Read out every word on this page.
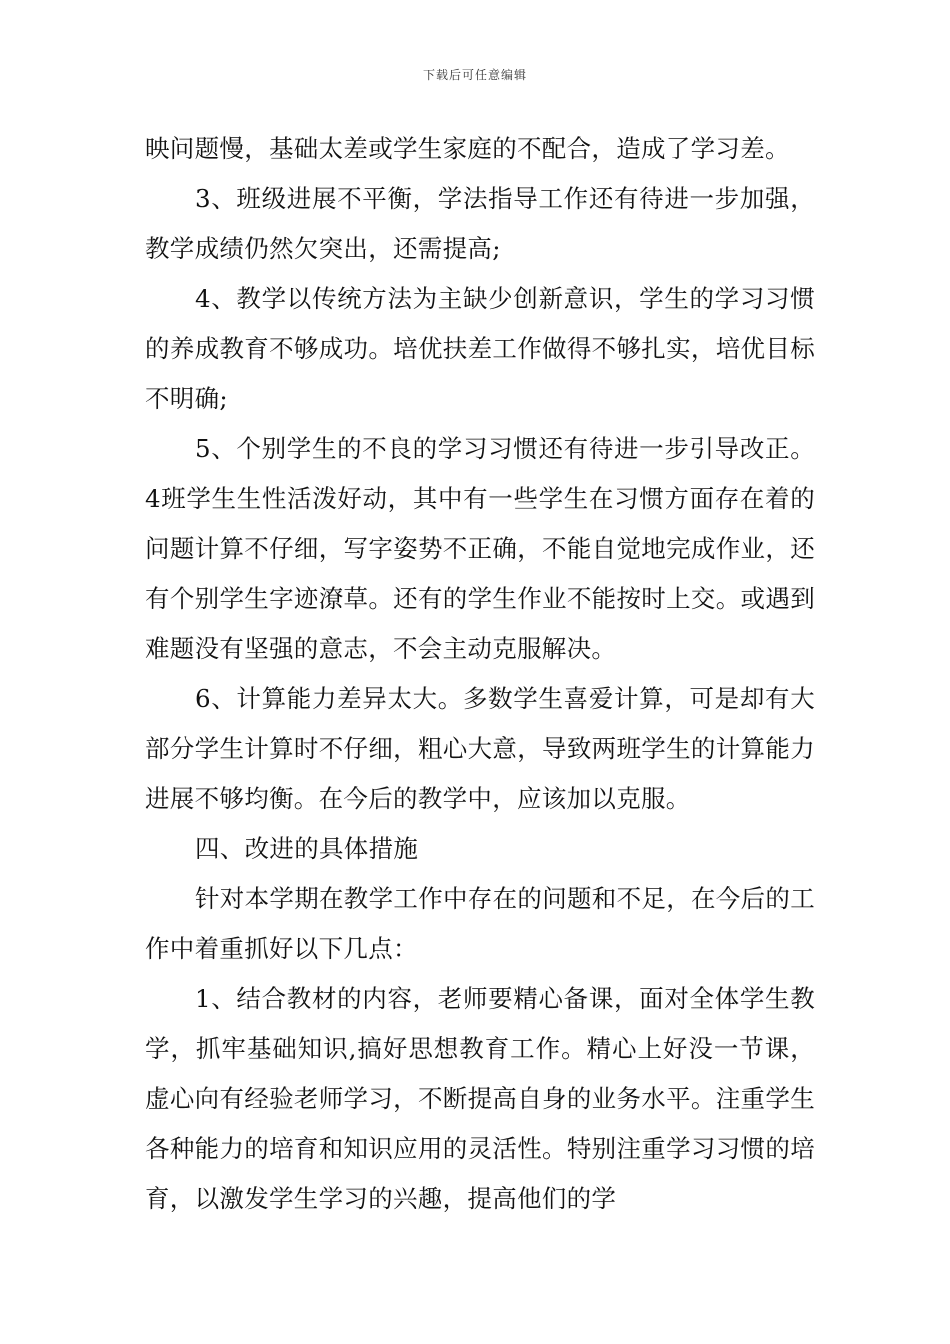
下载后可任意编辑

映问题慢，基础太差或学生家庭的不配合，造成了学习差。

3、班级进展不平衡，学法指导工作还有待进一步加强，教学成绩仍然欠突出，还需提高;

4、教学以传统方法为主缺少创新意识，学生的学习习惯的养成教育不够成功。培优扶差工作做得不够扎实，培优目标不明确;

5、个别学生的不良的学习习惯还有待进一步引导改正。4班学生生性活泼好动，其中有一些学生在习惯方面存在着的问题计算不仔细，写字姿势不正确，不能自觉地完成作业，还有个别学生字迹潦草。还有的学生作业不能按时上交。或遇到难题没有坚强的意志，不会主动克服解决。

6、计算能力差异太大。多数学生喜爱计算，可是却有大部分学生计算时不仔细，粗心大意，导致两班学生的计算能力进展不够均衡。在今后的教学中，应该加以克服。

四、改进的具体措施

针对本学期在教学工作中存在的问题和不足，在今后的工作中着重抓好以下几点：

1、结合教材的内容，老师要精心备课，面对全体学生教学，抓牢基础知识,搞好思想教育工作。精心上好没一节课，虚心向有经验老师学习，不断提高自身的业务水平。注重学生各种能力的培育和知识应用的灵活性。特别注重学习习惯的培育，以激发学生学习的兴趣，提高他们的学
